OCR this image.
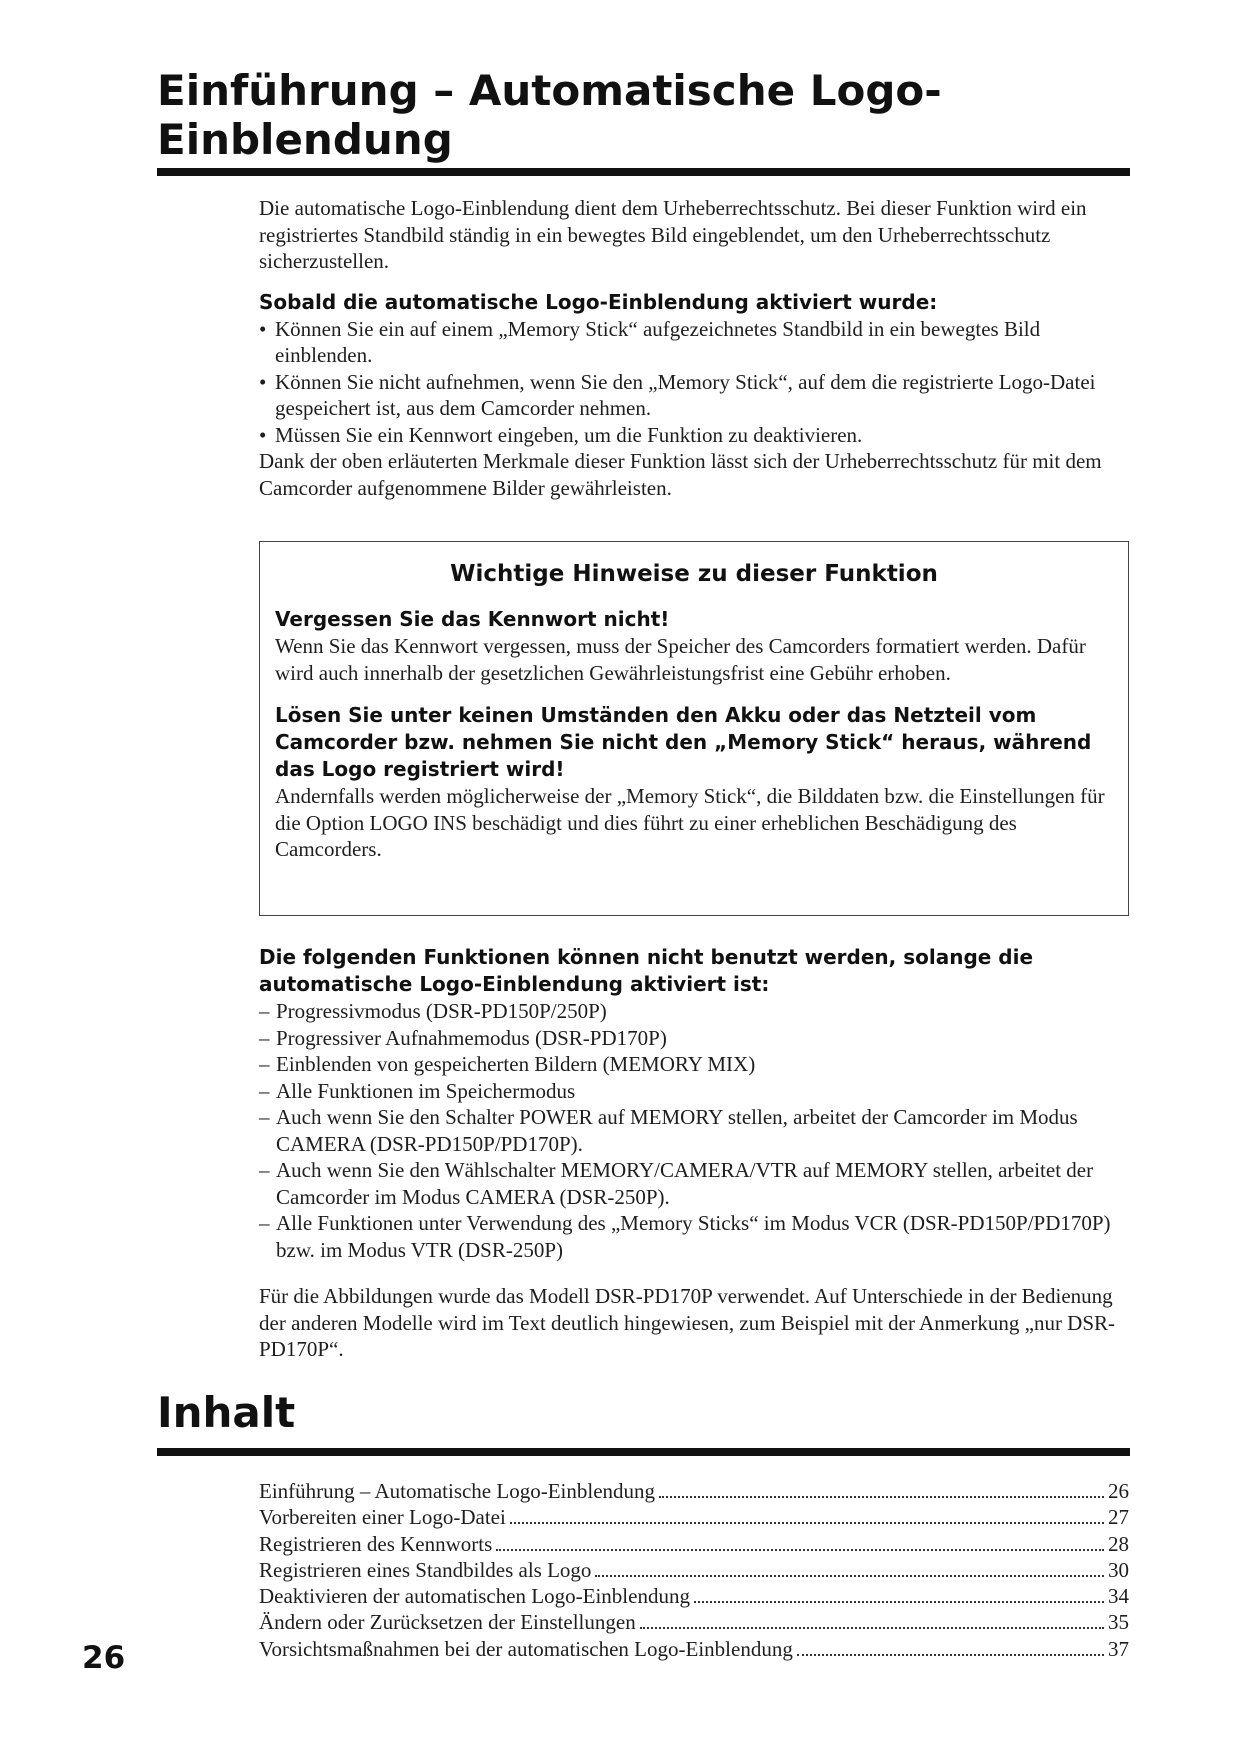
Einführung – Automatische Logo-
Einblendung

Die automatische Logo-Einblendung dient dem Urheberrechtsschutz. Bei dieser Funktion wird ein registriertes Standbild ständig in ein bewegtes Bild eingeblendet, um den Urheberrechtsschutz sicherzustellen.

Sobald die automatische Logo-Einblendung aktiviert wurde:
• Können Sie ein auf einem „Memory Stick“ aufgezeichnetes Standbild in ein bewegtes Bild einblenden.
• Können Sie nicht aufnehmen, wenn Sie den „Memory Stick“, auf dem die registrierte Logo-Datei gespeichert ist, aus dem Camcorder nehmen.
• Müssen Sie ein Kennwort eingeben, um die Funktion zu deaktivieren.

Dank der oben erläuterten Merkmale dieser Funktion lässt sich der Urheberrechtsschutz für mit dem Camcorder aufgenommene Bilder gewährleisten.

Wichtige Hinweise zu dieser Funktion
Vergessen Sie das Kennwort nicht!

Wenn Sie das Kennwort vergessen, muss der Speicher des Camcorders formatiert werden. Dafür wird auch innerhalb der gesetzlichen Gewährleistungsfrist eine Gebühr erhoben.

Lösen Sie unter keinen Umständen den Akku oder das Netzteil vom Camcorder bzw. nehmen Sie nicht den „Memory Stick“ heraus, während das Logo registriert wird!

Andernfalls werden möglicherweise der „Memory Stick“, die Bilddaten bzw. die Einstellungen für die Option LOGO INS beschädigt und dies führt zu einer erheblichen Beschädigung des Camcorders.

Die folgenden Funktionen können nicht benutzt werden, solange die automatische Logo-Einblendung aktiviert ist:
– Progressivmodus (DSR-PD150P/250P)
– Progressiver Aufnahmemodus (DSR-PD170P)
– Einblenden von gespeicherten Bildern (MEMORY MIX)
– Alle Funktionen im Speichermodus
– Auch wenn Sie den Schalter POWER auf MEMORY stellen, arbeitet der Camcorder im Modus CAMERA (DSR-PD150P/PD170P).
– Auch wenn Sie den Wählschalter MEMORY/CAMERA/VTR auf MEMORY stellen, arbeitet der Camcorder im Modus CAMERA (DSR-250P).
– Alle Funktionen unter Verwendung des „Memory Sticks“ im Modus VCR (DSR-PD150P/PD170P) bzw. im Modus VTR (DSR-250P)

Für die Abbildungen wurde das Modell DSR-PD170P verwendet. Auf Unterschiede in der Bedienung der anderen Modelle wird im Text deutlich hingewiesen, zum Beispiel mit der Anmerkung „nur DSR-PD170P“.

Inhalt
Einführung – Automatische Logo-Einblendung	26
Vorbereiten einer Logo-Datei	27
Registrieren des Kennworts	28
Registrieren eines Standbildes als Logo	30
Deaktivieren der automatischen Logo-Einblendung	34
Ändern oder Zurücksetzen der Einstellungen	35
Vorsichtsmaßnahmen bei der automatischen Logo-Einblendung	37
26
